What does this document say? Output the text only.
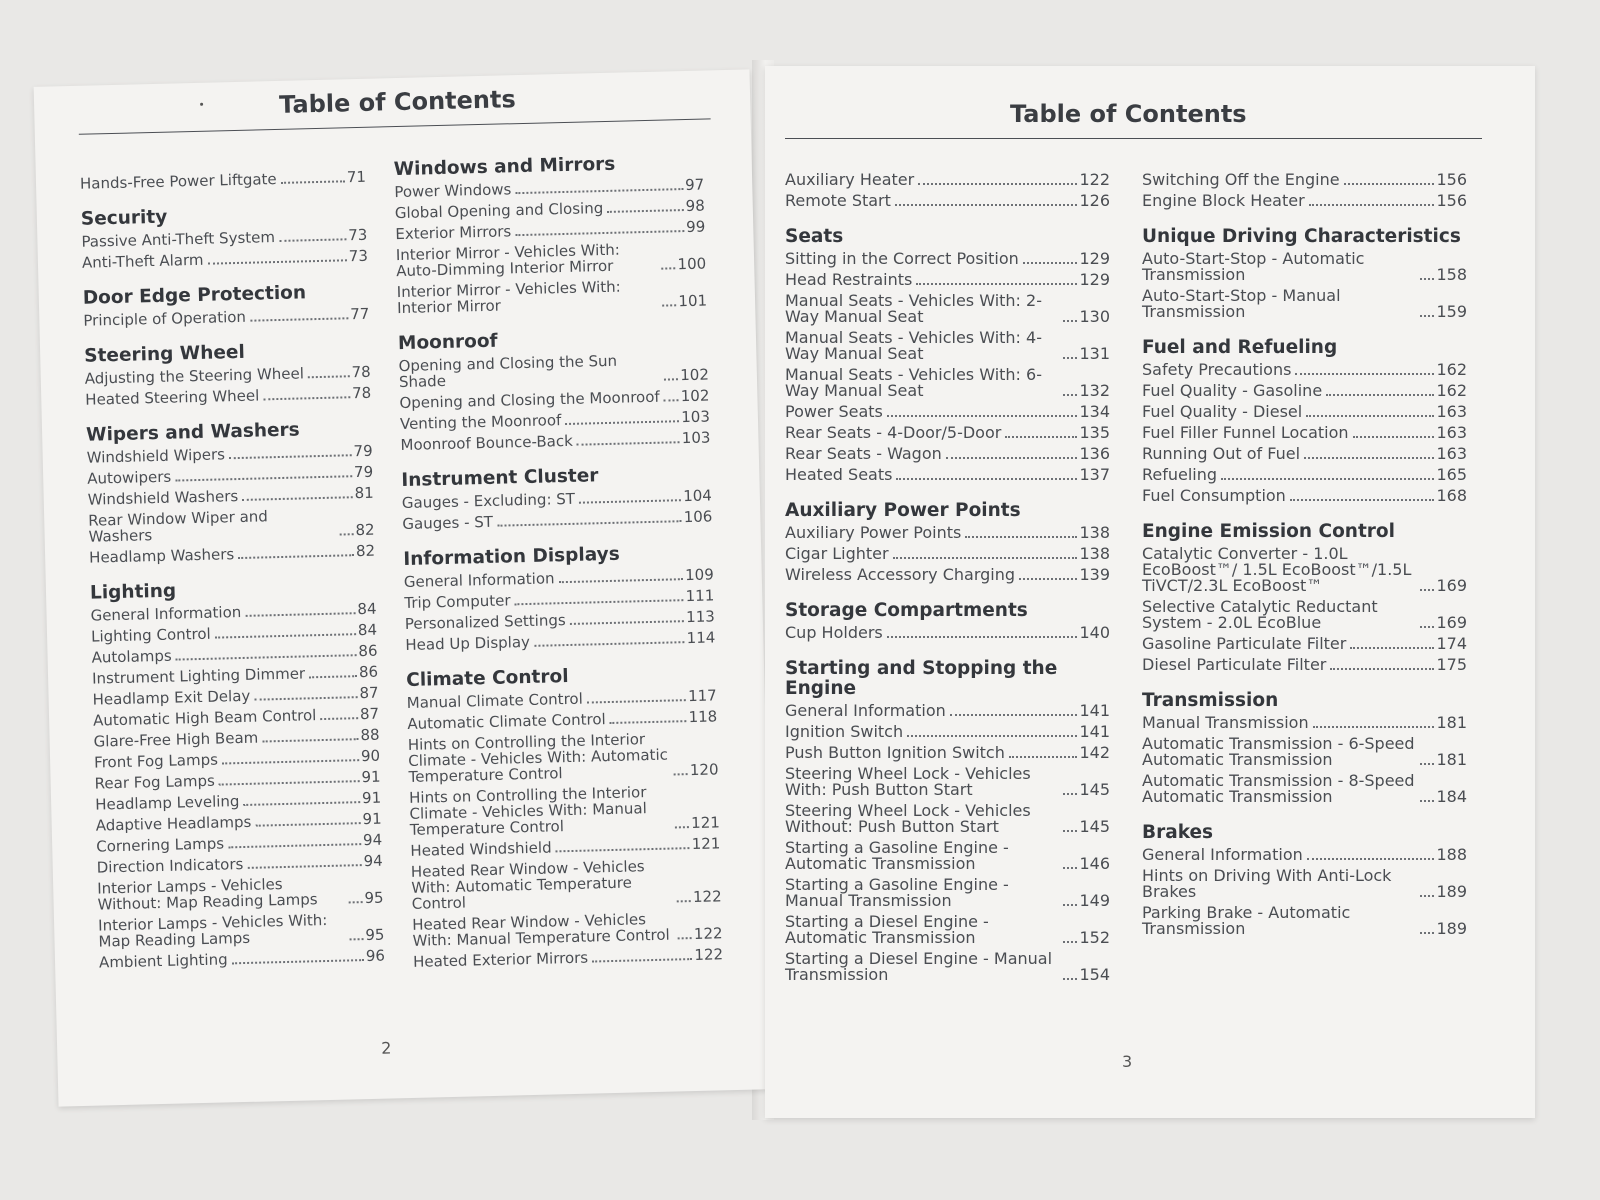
Table of Contents
Hands-Free Power Liftgate	71
Security
Passive Anti-Theft System	73
Anti-Theft Alarm	73
Door Edge Protection
Principle of Operation	77
Steering Wheel
Adjusting the Steering Wheel	78
Heated Steering Wheel	78
Wipers and Washers
Windshield Wipers	79
Autowipers	79
Windshield Washers	81
Rear Window Wiper and Washers	82
Headlamp Washers	82
Lighting
General Information	84
Lighting Control	84
Autolamps	86
Instrument Lighting Dimmer	86
Headlamp Exit Delay	87
Automatic High Beam Control	87
Glare-Free High Beam	88
Front Fog Lamps	90
Rear Fog Lamps	91
Headlamp Leveling	91
Adaptive Headlamps	91
Cornering Lamps	94
Direction Indicators	94
Interior Lamps - Vehicles Without: Map Reading Lamps	95
Interior Lamps - Vehicles With: Map Reading Lamps	95
Ambient Lighting	96
Windows and Mirrors
Power Windows	97
Global Opening and Closing	98
Exterior Mirrors	99
Interior Mirror - Vehicles With: Auto-Dimming Interior Mirror	100
Interior Mirror - Vehicles With: Interior Mirror	101
Moonroof
Opening and Closing the Sun Shade	102
Opening and Closing the Moonroof 102
Venting the Moonroof	103
Moonroof Bounce-Back	103
Instrument Cluster
Gauges - Excluding: ST	104
Gauges - ST	106
Information Displays
General Information	109
Trip Computer	111
Personalized Settings	113
Head Up Display	114
Climate Control
Manual Climate Control	117
Automatic Climate Control	118
Hints on Controlling the Interior Climate - Vehicles With: Automatic Temperature Control	120
Hints on Controlling the Interior Climate - Vehicles With: Manual Temperature Control	121
Heated Windshield	121
Heated Rear Window - Vehicles With: Automatic Temperature Control	122
Heated Rear Window - Vehicles With: Manual Temperature Control 122
Heated Exterior Mirrors	122
2
Table of Contents
Auxiliary Heater	122
Remote Start	126
Seats
Sitting in the Correct Position	129
Head Restraints	129
Manual Seats - Vehicles With: 2-Way Manual Seat	130
Manual Seats - Vehicles With: 4-Way Manual Seat	131
Manual Seats - Vehicles With: 6-Way Manual Seat	132
Power Seats	134
Rear Seats - 4-Door/5-Door	135
Rear Seats - Wagon	136
Heated Seats	137
Auxiliary Power Points
Auxiliary Power Points	138
Cigar Lighter	138
Wireless Accessory Charging	139
Storage Compartments
Cup Holders	140
Starting and Stopping the Engine
General Information	141
Ignition Switch	141
Push Button Ignition Switch	142
Steering Wheel Lock - Vehicles With: Push Button Start	145
Steering Wheel Lock - Vehicles Without: Push Button Start	145
Starting a Gasoline Engine - Automatic Transmission	146
Starting a Gasoline Engine - Manual Transmission	149
Starting a Diesel Engine - Automatic Transmission	152
Starting a Diesel Engine - Manual Transmission	154
Switching Off the Engine	156
Engine Block Heater	156
Unique Driving Characteristics
Auto-Start-Stop - Automatic Transmission	158
Auto-Start-Stop - Manual Transmission	159
Fuel and Refueling
Safety Precautions	162
Fuel Quality - Gasoline	162
Fuel Quality - Diesel	163
Fuel Filler Funnel Location	163
Running Out of Fuel	163
Refueling	165
Fuel Consumption	168
Engine Emission Control
Catalytic Converter - 1.0L EcoBoost™/ 1.5L EcoBoost™/1.5L TiVCT/2.3L EcoBoost™	169
Selective Catalytic Reductant System - 2.0L EcoBlue	169
Gasoline Particulate Filter	174
Diesel Particulate Filter	175
Transmission
Manual Transmission	181
Automatic Transmission - 6-Speed Automatic Transmission	181
Automatic Transmission - 8-Speed Automatic Transmission	184
Brakes
General Information	188
Hints on Driving With Anti-Lock Brakes	189
Parking Brake - Automatic Transmission	189
3
